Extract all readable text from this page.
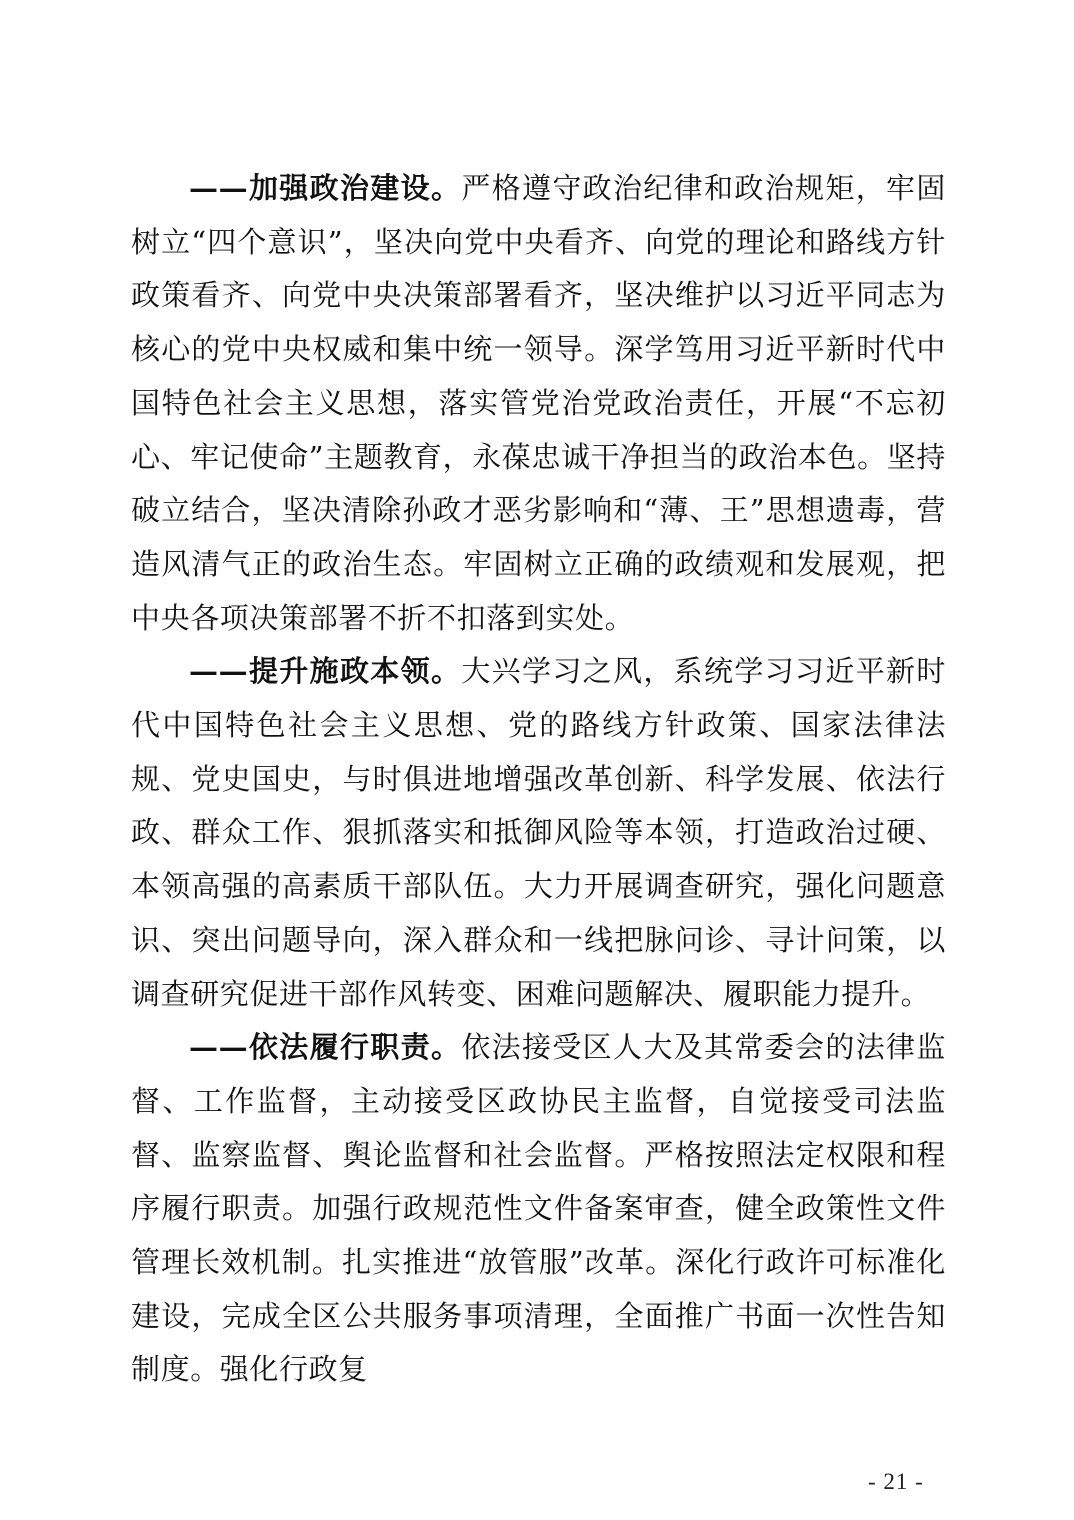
——加强政治建设。严格遵守政治纪律和政治规矩，牢固树立“四个意识”，坚决向党中央看齐、向党的理论和路线方针政策看齐、向党中央决策部署看齐，坚决维护以习近平同志为核心的党中央权威和集中统一领导。深学笃用习近平新时代中国特色社会主义思想，落实管党治党政治责任，开展“不忘初心、牢记使命”主题教育，永葆忠诚干净担当的政治本色。坚持破立结合，坚决清除孙政才恶劣影响和“薄、王”思想遗毒，营造风清气正的政治生态。牢固树立正确的政绩观和发展观，把中央各项决策部署不折不扣落到实处。

——提升施政本领。大兴学习之风，系统学习习近平新时代中国特色社会主义思想、党的路线方针政策、国家法律法规、党史国史，与时俱进地增强改革创新、科学发展、依法行政、群众工作、狠抓落实和抵御风险等本领，打造政治过硬、本领高强的高素质干部队伍。大力开展调查研究，强化问题意识、突出问题导向，深入群众和一线把脉问诊、寻计问策，以调查研究促进干部作风转变、困难问题解决、履职能力提升。

——依法履行职责。依法接受区人大及其常委会的法律监督、工作监督，主动接受区政协民主监督，自觉接受司法监督、监察监督、舆论监督和社会监督。严格按照法定权限和程序履行职责。加强行政规范性文件备案审查，健全政策性文件管理长效机制。扎实推进“放管服”改革。深化行政许可标准化建设，完成全区公共服务事项清理，全面推广书面一次性告知制度。强化行政复

- 21 -
